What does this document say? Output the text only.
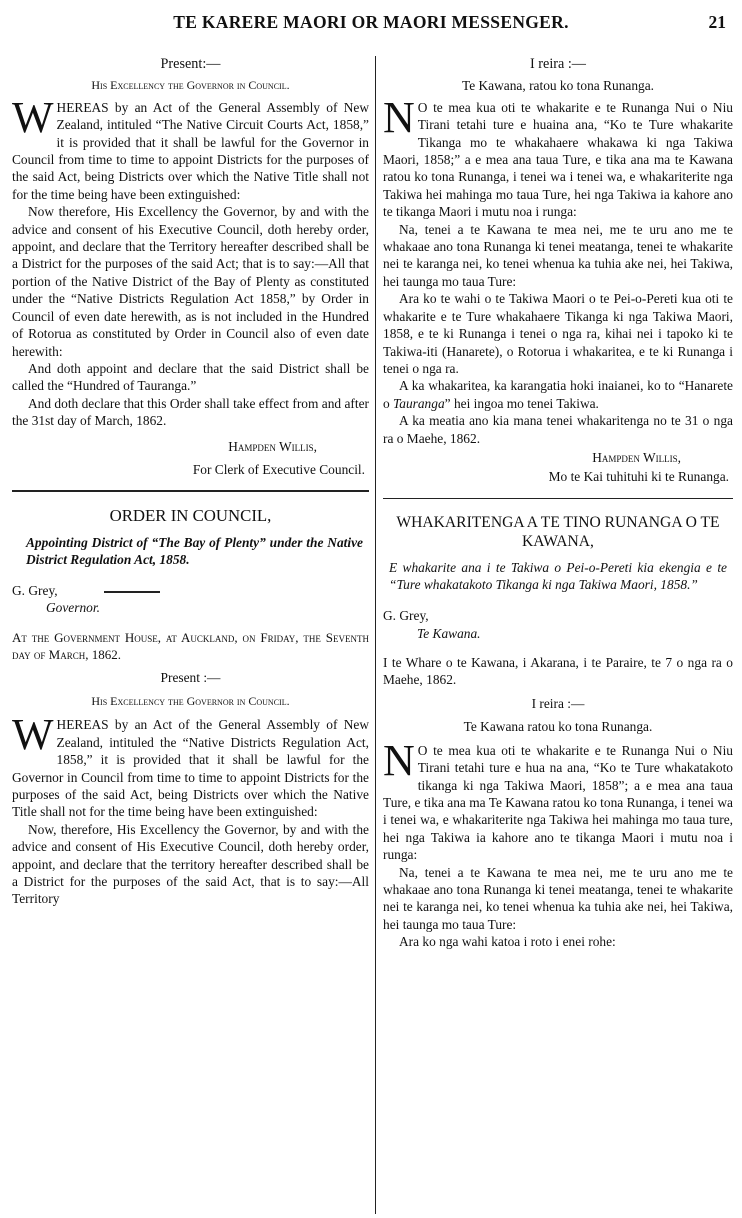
TE KARERE MAORI OR MAORI MESSENGER.	21

Present:—

His Excellency the Governor in Council.

WHEREAS by an Act of the General Assembly of New Zealand, intituled “The Native Circuit Courts Act, 1858,” it is provided that it shall be lawful for the Governor in Council from time to time to appoint Districts for the purposes of the said Act, being Districts over which the Native Title shall not for the time being have been extinguished:

Now therefore, His Excellency the Governor, by and with the advice and consent of his Executive Council, doth hereby order, appoint, and declare that the Territory hereafter described shall be a District for the purposes of the said Act; that is to say:—All that portion of the Native District of the Bay of Plenty as constituted under the “Native Districts Regulation Act 1858,” by Order in Council of even date herewith, as is not included in the Hundred of Rotorua as constituted by Order in Council also of even date herewith:

And doth appoint and declare that the said District shall be called the “Hundred of Tauranga.”

And doth declare that this Order shall take effect from and after the 31st day of March, 1862.

Hampden Willis,

For Clerk of Executive Council.

ORDER IN COUNCIL,

Appointing District of “The Bay of Plenty” under the Native District Regulation Act, 1858.

G. Grey,

Governor.

At the Government House, at Auckland, on Friday, the Seventh day of March, 1862.

Present :—

His Excellency the Governor in Council.

WHEREAS by an Act of the General Assembly of New Zealand, intituled the “Native Districts Regulation Act, 1858,” it is provided that it shall be lawful for the Governor in Council from time to time to appoint Districts for the purposes of the said Act, being Districts over which the Native Title shall not for the time being have been extinguished:

Now, therefore, His Excellency the Governor, by and with the advice and consent of His Executive Council, doth hereby order, appoint, and declare that the territory hereafter described shall be a District for the purposes of the said Act, that is to say:—All Territory

I reira :—

Te Kawana, ratou ko tona Runanga.

N O te mea kua oti te whakarite e te Runanga Nui o Niu Tirani tetahi ture e huaina ana, “Ko te Ture whakarite Tikanga mo te whakahaere whakawa ki nga Takiwa Maori, 1858;” a e mea ana taua Ture, e tika ana ma te Kawana ratou ko tona Runanga, i tenei wa i tenei wa, e whakariterite nga Takiwa hei mahinga mo taua Ture, hei nga Takiwa ia kahore ano te tikanga Maori i mutu noa i runga:

Na, tenei a te Kawana te mea nei, me te uru ano me te whakaae ano tona Runanga ki tenei meatanga, tenei te whakarite nei te karanga nei, ko tenei whenua ka tuhia ake nei, hei Takiwa, hei taunga mo taua Ture:

Ara ko te wahi o te Takiwa Maori o te Pei-o-Pereti kua oti te whakarite e te Ture whakahaere Tikanga ki nga Takiwa Maori, 1858, e te ki Runanga i tenei o nga ra, kihai nei i tapoko ki te Takiwa-iti (Hanarete), o Rotorua i whakaritea, e te ki Runanga i tenei o nga ra.

A ka whakaritea, ka karangatia hoki inaianei, ko to “Hanarete o Tauranga” hei ingoa mo tenei Takiwa.

A ka meatia ano kia mana tenei whakaritenga no te 31 o nga ra o Maehe, 1862.

Hampden Willis,

Mo te Kai tuhituhi ki te Runanga.

WHAKARITENGA A TE TINO RUNANGA O TE KAWANA,

E whakarite ana i te Takiwa o Pei-o-Pereti kia ekengia e te “Ture whakatakoto Tikanga ki nga Takiwa Maori, 1858.”

G. Grey,

Te Kawana.

I te Whare o te Kawana, i Akarana, i te Paraire, te 7 o nga ra o Maehe, 1862.

I reira :—

Te Kawana ratou ko tona Runanga.

N O te mea kua oti te whakarite e te Runanga Nui o Niu Tirani tetahi ture e hua na ana, “Ko te Ture whakatakoto tikanga ki nga Takiwa Maori, 1858”; a e mea ana taua Ture, e tika ana ma Te Kawana ratou ko tona Runanga, i tenei wa i tenei wa, e whakariterite nga Takiwa hei mahinga mo taua ture, hei nga Takiwa ia kahore ano te tikanga Maori i mutu noa i runga:

Na, tenei a te Kawana te mea nei, me te uru ano me te whakaae ano tona Runanga ki tenei meatanga, tenei te whakarite nei te karanga nei, ko tenei whenua ka tuhia ake nei, hei Takiwa, hei taunga mo taua Ture:

Ara ko nga wahi katoa i roto i enei rohe:
